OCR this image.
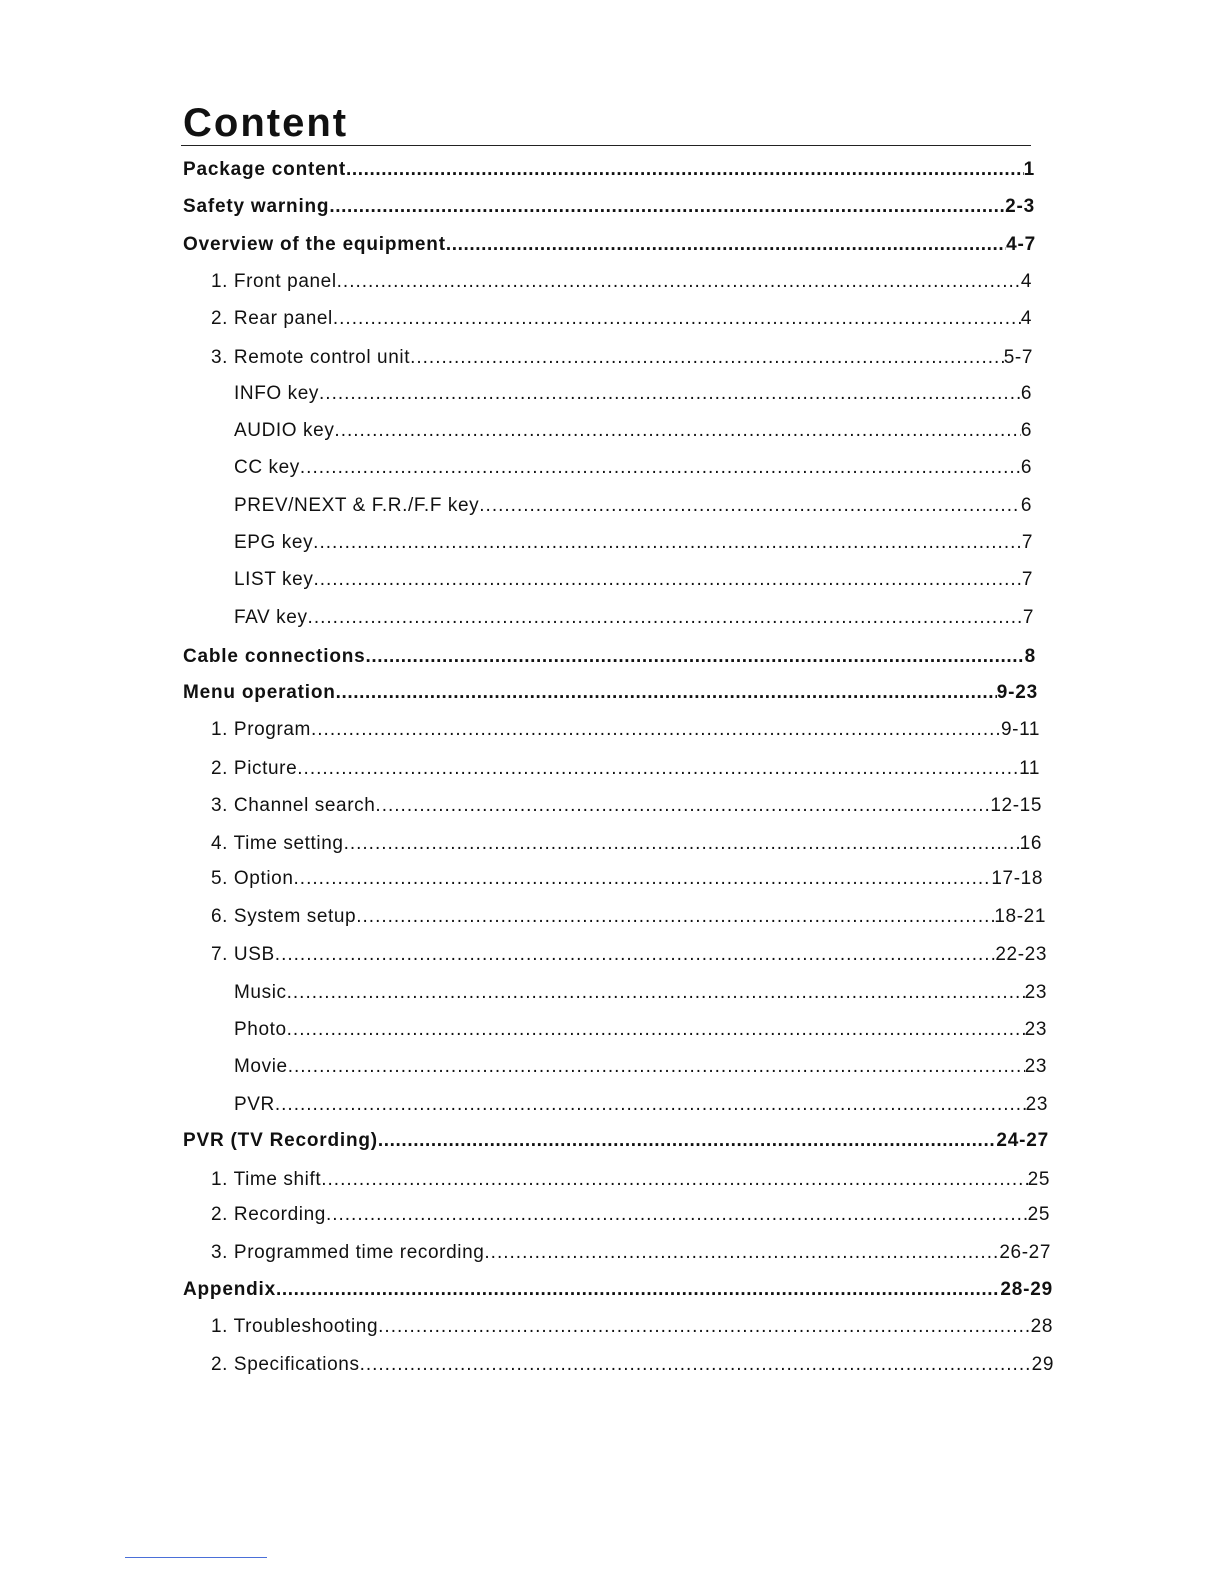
Content
Package content .....	1
Safety warning .....	2-3
Overview of the equipment .....	4-7
1. Front panel .....	4
2. Rear panel .....	4
3. Remote control unit .....	5-7
INFO key .....	6
AUDIO key .....	6
CC key .....	6
PREV/NEXT & F.R./F.F key .....	6
EPG key .....	7
LIST key .....	7
FAV key .....	7
Cable connections .....	8
Menu operation .....	9-23
1. Program .....	9-11
2. Picture .....	11
3. Channel search .....	12-15
4. Time setting .....	16
5. Option .....	17-18
6. System setup .....	18-21
7. USB .....	22-23
Music .....	23
Photo .....	23
Movie .....	23
PVR .....	23
PVR (TV Recording) .....	24-27
1. Time shift .....	25
2. Recording .....	25
3. Programmed time recording .....	26-27
Appendix .....	28-29
1. Troubleshooting .....	28
2. Specifications .....	29
